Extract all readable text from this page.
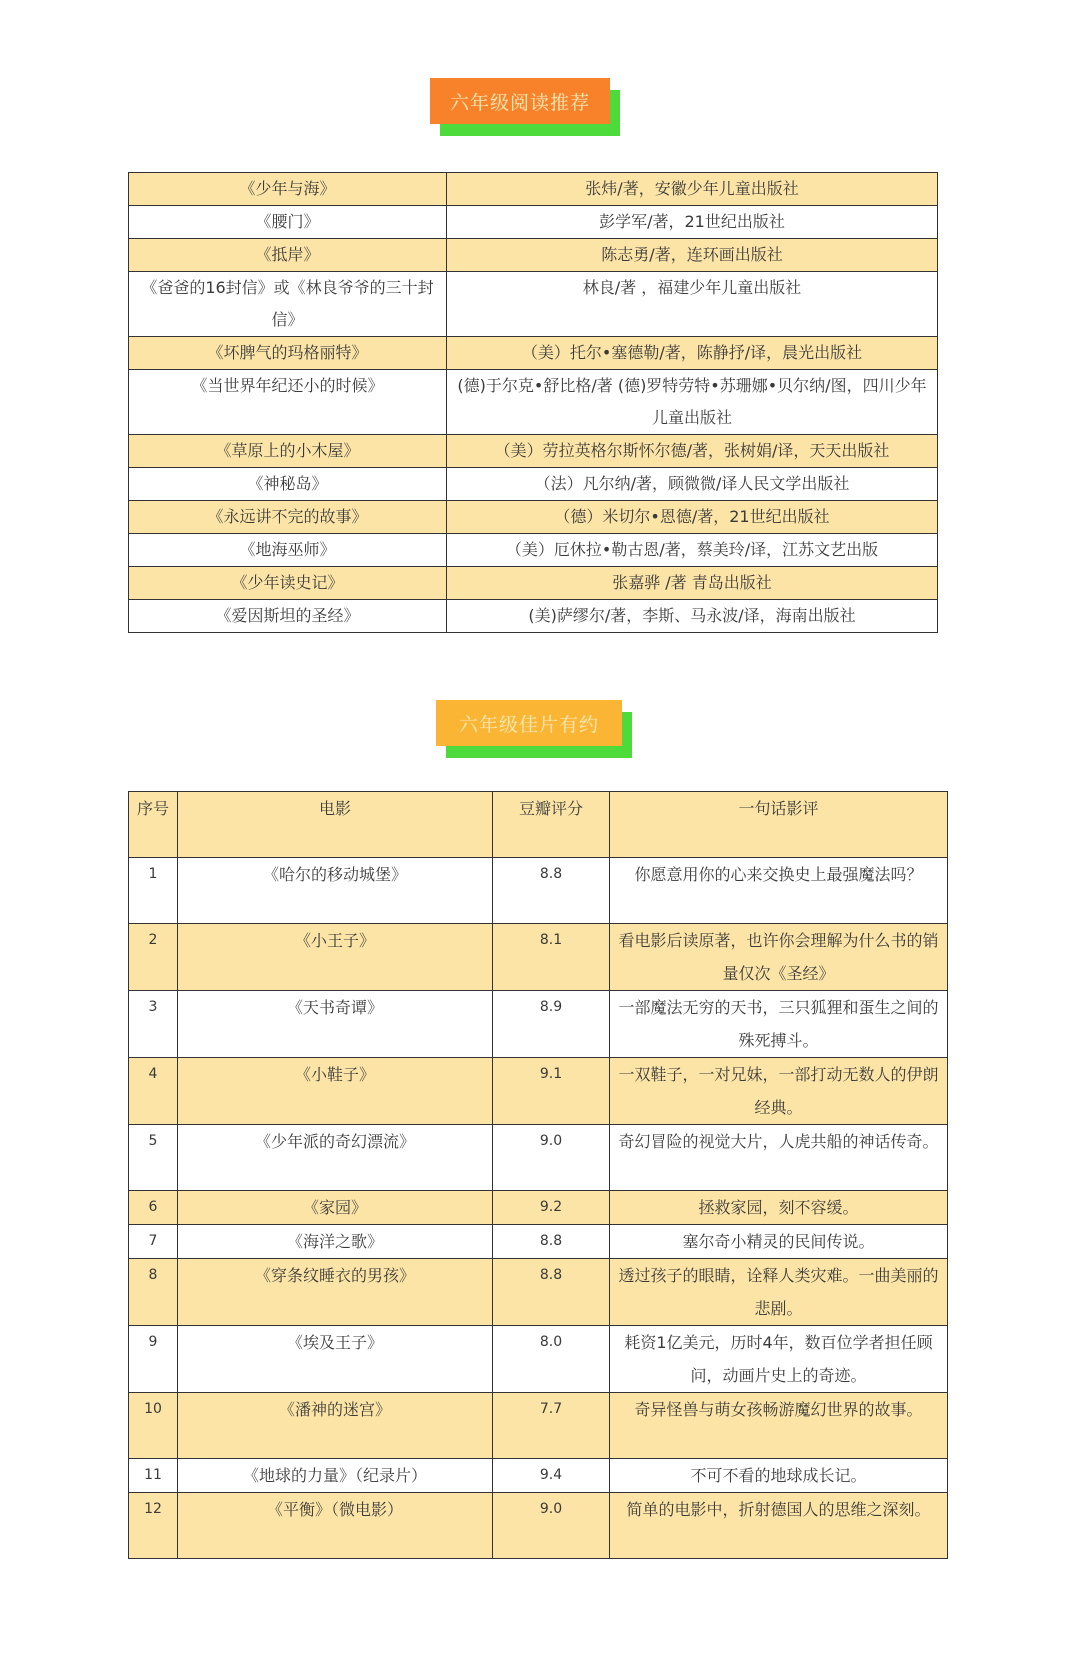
六年级阅读推荐
《少年与海》	张炜/著，安徽少年儿童出版社
《腰门》	彭学军/著，21世纪出版社
《抵岸》	陈志勇/著，连环画出版社
《爸爸的16封信》或《林良爷爷的三十封信》	林良/著 ，福建少年儿童出版社
《坏脾气的玛格丽特》	（美）托尔•塞德勒/著，陈静抒/译，晨光出版社
《当世界年纪还小的时候》	(德)于尔克•舒比格/著 (德)罗特劳特•苏珊娜•贝尔纳/图，四川少年儿童出版社
《草原上的小木屋》	（美）劳拉英格尔斯怀尔德/著，张树娟/译，天天出版社
《神秘岛》	（法）凡尔纳/著，顾微微/译人民文学出版社
《永远讲不完的故事》	（德）米切尔•恩德/著，21世纪出版社
《地海巫师》	（美）厄休拉•勒古恩/著，蔡美玲/译，江苏文艺出版
《少年读史记》	张嘉骅 /著 青岛出版社
《爱因斯坦的圣经》	(美)萨缪尔/著，李斯、马永波/译，海南出版社
六年级佳片有约
序号	电影	豆瓣评分	一句话影评
1	《哈尔的移动城堡》	8.8	你愿意用你的心来交换史上最强魔法吗？
2	《小王子》	8.1	看电影后读原著，也许你会理解为什么书的销量仅次《圣经》
3	《天书奇谭》	8.9	一部魔法无穷的天书，三只狐狸和蛋生之间的殊死搏斗。
4	《小鞋子》	9.1	一双鞋子，一对兄妹，一部打动无数人的伊朗经典。
5	《少年派的奇幻漂流》	9.0	奇幻冒险的视觉大片，人虎共船的神话传奇。
6	《家园》	9.2	拯救家园，刻不容缓。
7	《海洋之歌》	8.8	塞尔奇小精灵的民间传说。
8	《穿条纹睡衣的男孩》	8.8	透过孩子的眼睛，诠释人类灾难。一曲美丽的悲剧。
9	《埃及王子》	8.0	耗资1亿美元，历时4年，数百位学者担任顾问，动画片史上的奇迹。
10	《潘神的迷宫》	7.7	奇异怪兽与萌女孩畅游魔幻世界的故事。
11	《地球的力量》（纪录片）	9.4	不可不看的地球成长记。
12	《平衡》（微电影）	9.0	简单的电影中，折射德国人的思维之深刻。
